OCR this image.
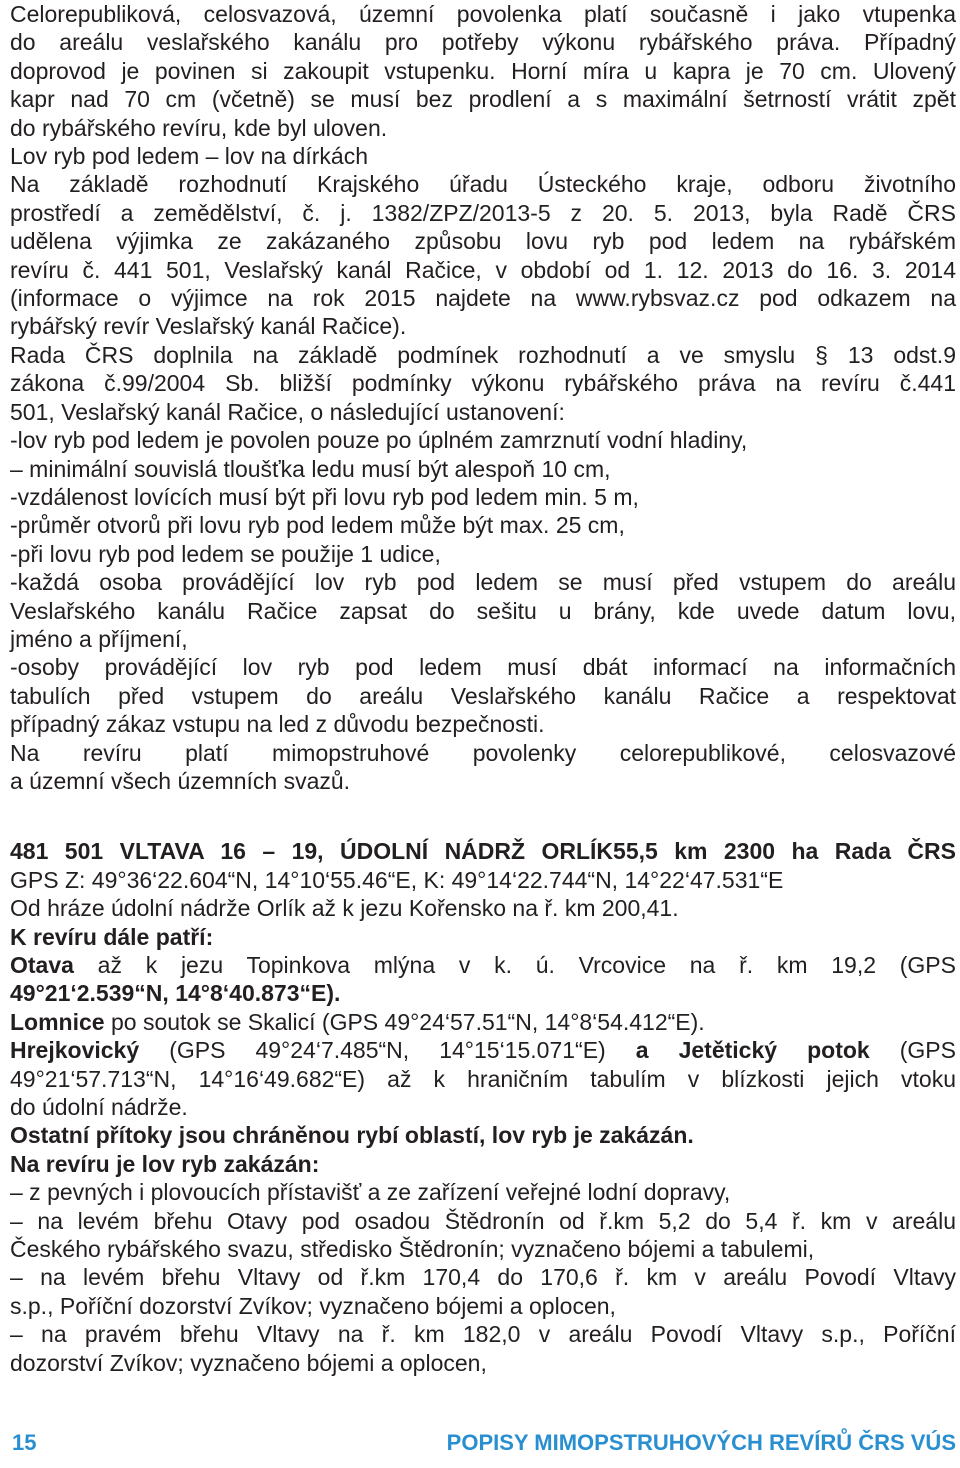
Celorepubliková, celosvazová, územní povolenka platí současně i jako vtupenka
do areálu veslařského kanálu pro potřeby výkonu rybářského práva. Případný
doprovod je povinen si zakoupit vstupenku. Horní míra u kapra je 70 cm. Ulovený
kapr nad 70 cm (včetně) se musí bez prodlení a s maximální šetrností vrátit zpět
do rybářského revíru, kde byl uloven.
Lov ryb pod ledem – lov na dírkách
Na základě rozhodnutí Krajského úřadu Ústeckého kraje, odboru životního
prostředí a zemědělství, č. j. 1382/ZPZ/2013-5 z 20. 5. 2013, byla Radě ČRS
udělena výjimka ze zakázaného způsobu lovu ryb pod ledem na rybářském
revíru č. 441 501, Veslařský kanál Račice, v období od 1. 12. 2013 do 16. 3. 2014
(informace o výjimce na rok 2015 najdete na www.rybsvaz.cz pod odkazem na
rybářský revír Veslařský kanál Račice).
Rada ČRS doplnila na základě podmínek rozhodnutí a ve smyslu § 13 odst.9
zákona č.99/2004 Sb. bližší podmínky výkonu rybářského práva na revíru č.441
501, Veslařský kanál Račice, o následující ustanovení:
-lov ryb pod ledem je povolen pouze po úplném zamrznutí vodní hladiny,
– minimální souvislá tloušťka ledu musí být alespoň 10 cm,
-vzdálenost lovících musí být při lovu ryb pod ledem min. 5 m,
-průměr otvorů při lovu ryb pod ledem může být max. 25 cm,
-při lovu ryb pod ledem se použije 1 udice,
-každá osoba provádějící lov ryb pod ledem se musí před vstupem do areálu
Veslařského kanálu Račice zapsat do sešitu u brány, kde uvede datum lovu,
jméno a příjmení,
-osoby provádějící lov ryb pod ledem musí dbát informací na informačních
tabulích před vstupem do areálu Veslařského kanálu Račice a respektovat
případný zákaz vstupu na led z důvodu bezpečnosti.
Na revíru platí mimopstruhové povolenky celorepublikové, celosvazové
a územní všech územních svazů.
481 501 VLTAVA 16 – 19, ÚDOLNÍ NÁDRŽ ORLÍK55,5 km 2300 ha Rada ČRS
GPS Z: 49°36‘22.604“N, 14°10‘55.46“E, K: 49°14‘22.744“N, 14°22‘47.531“E
Od hráze údolní nádrže Orlík až k jezu Kořensko na ř. km 200,41.
K revíru dále patří:
Otava až k jezu Topinkova mlýna v k. ú. Vrcovice na ř. km 19,2 (GPS
49°21‘2.539“N, 14°8‘40.873“E).
Lomnice po soutok se Skalicí (GPS 49°24‘57.51“N, 14°8‘54.412“E).
Hrejkovický (GPS 49°24‘7.485“N, 14°15‘15.071“E) a Jetětický potok (GPS
49°21‘57.713“N, 14°16‘49.682“E) až k hraničním tabulím v blízkosti jejich vtoku
do údolní nádrže.
Ostatní přítoky jsou chráněnou rybí oblastí, lov ryb je zakázán.
Na revíru je lov ryb zakázán:
– z pevných i plovoucích přístavišť a ze zařízení veřejné lodní dopravy,
– na levém břehu Otavy pod osadou Štědronín od ř.km 5,2 do 5,4 ř. km v areálu
Českého rybářského svazu, středisko Štědronín; vyznačeno bójemi a tabulemi,
– na levém břehu Vltavy od ř.km 170,4 do 170,6 ř. km v areálu Povodí Vltavy
s.p., Poříční dozorství Zvíkov; vyznačeno bójemi a oplocen,
– na pravém břehu Vltavy na ř. km 182,0 v areálu Povodí Vltavy s.p., Poříční
dozorství Zvíkov; vyznačeno bójemi a oplocen,
15	POPISY MIMOPSTRUHOVÝCH REVÍRŮ ČRS VÚS
